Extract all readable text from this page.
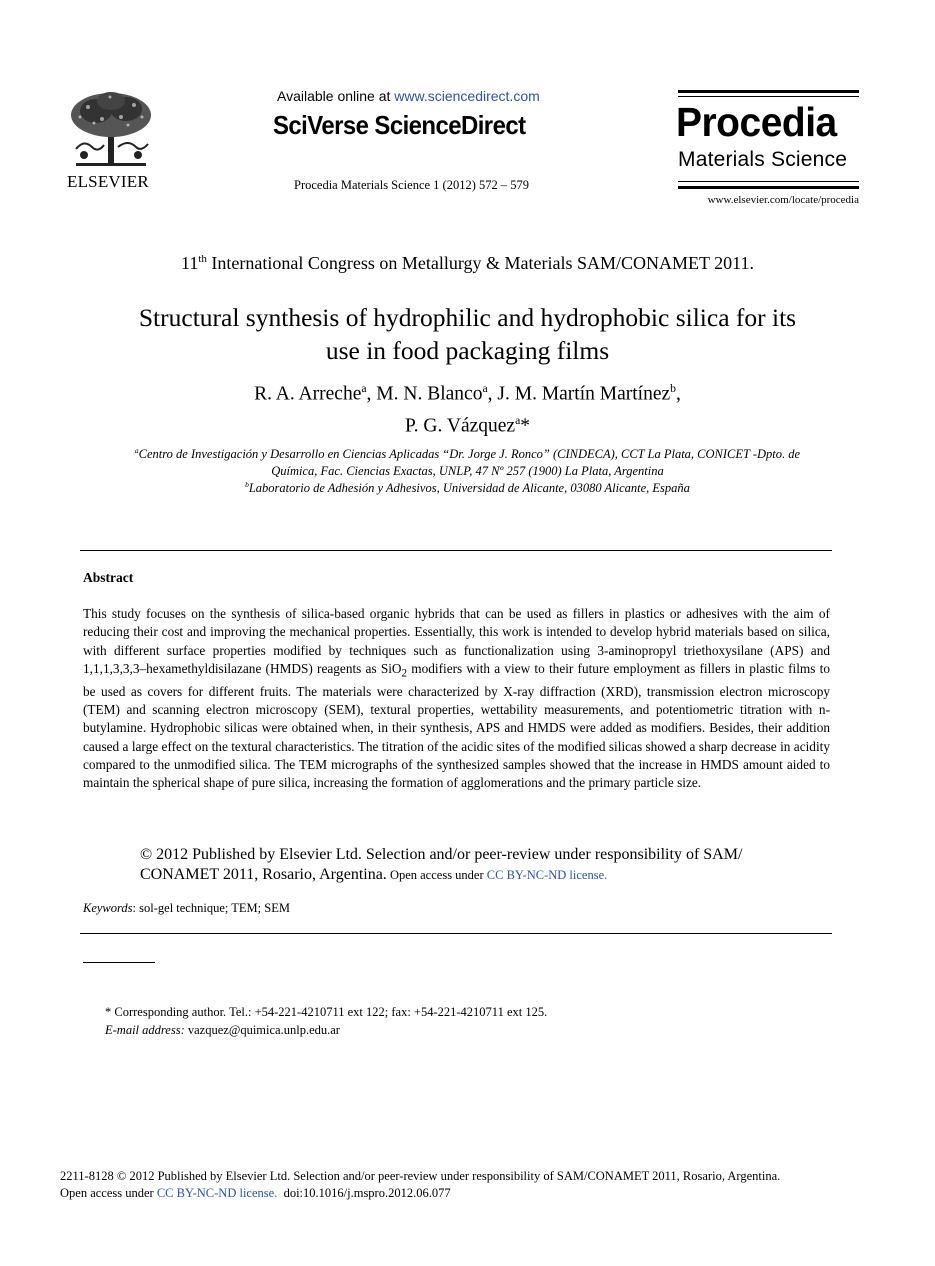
ELSEVIER
Available online at www.sciencedirect.com
SciVerse ScienceDirect
Procedia Materials Science 1 (2012) 572 – 579
Procedia
Materials Science
www.elsevier.com/locate/procedia
11th International Congress on Metallurgy & Materials SAM/CONAMET 2011.
Structural synthesis of hydrophilic and hydrophobic silica for its
use in food packaging films
R. A. Arreche$^a$, M. N. Blanco$^a$, J. M. Martín Martínez$^b$,
P. G. Vázquez$^a$*
$^a$Centro de Investigación y Desarrollo en Ciencias Aplicadas “Dr. Jorge J. Ronco” (CINDECA), CCT La Plata, CONICET -Dpto. de
Química, Fac. Ciencias Exactas, UNLP, 47 Nº 257 (1900) La Plata, Argentina
$^b$Laboratorio de Adhesión y Adhesivos, Universidad de Alicante, 03080 Alicante, España
Abstract
This study focuses on the synthesis of silica-based organic hybrids that can be used as fillers in plastics or adhesives with the aim of reducing their cost and improving the mechanical properties. Essentially, this work is intended to develop hybrid materials based on silica, with different surface properties modified by techniques such as functionalization using 3-aminopropyl triethoxysilane (APS) and 1,1,1,3,3,3–hexamethyldisilazane (HMDS) reagents as SiO$_2$ modifiers with a view to their future employment as fillers in plastic films to be used as covers for different fruits. The materials were characterized by X-ray diffraction (XRD), transmission electron microscopy (TEM) and scanning electron microscopy (SEM), textural properties, wettability measurements, and potentiometric titration with n-butylamine. Hydrophobic silicas were obtained when, in their synthesis, APS and HMDS were added as modifiers. Besides, their addition caused a large effect on the textural characteristics. The titration of the acidic sites of the modified silicas showed a sharp decrease in acidity compared to the unmodified silica. The TEM micrographs of the synthesized samples showed that the increase in HMDS amount aided to maintain the spherical shape of pure silica, increasing the formation of agglomerations and the primary particle size.
© 2012 Published by Elsevier Ltd. Selection and/or peer-review under responsibility of SAM/
CONAMET 2011, Rosario, Argentina. Open access under CC BY-NC-ND license.
Keywords: sol-gel technique; TEM; SEM
* Corresponding author. Tel.: +54-221-4210711 ext 122; fax: +54-221-4210711 ext 125.
E-mail address: vazquez@quimica.unlp.edu.ar
2211-8128 © 2012 Published by Elsevier Ltd. Selection and/or peer-review under responsibility of SAM/CONAMET 2011, Rosario, Argentina.
Open access under CC BY-NC-ND license.  doi:10.1016/j.mspro.2012.06.077
